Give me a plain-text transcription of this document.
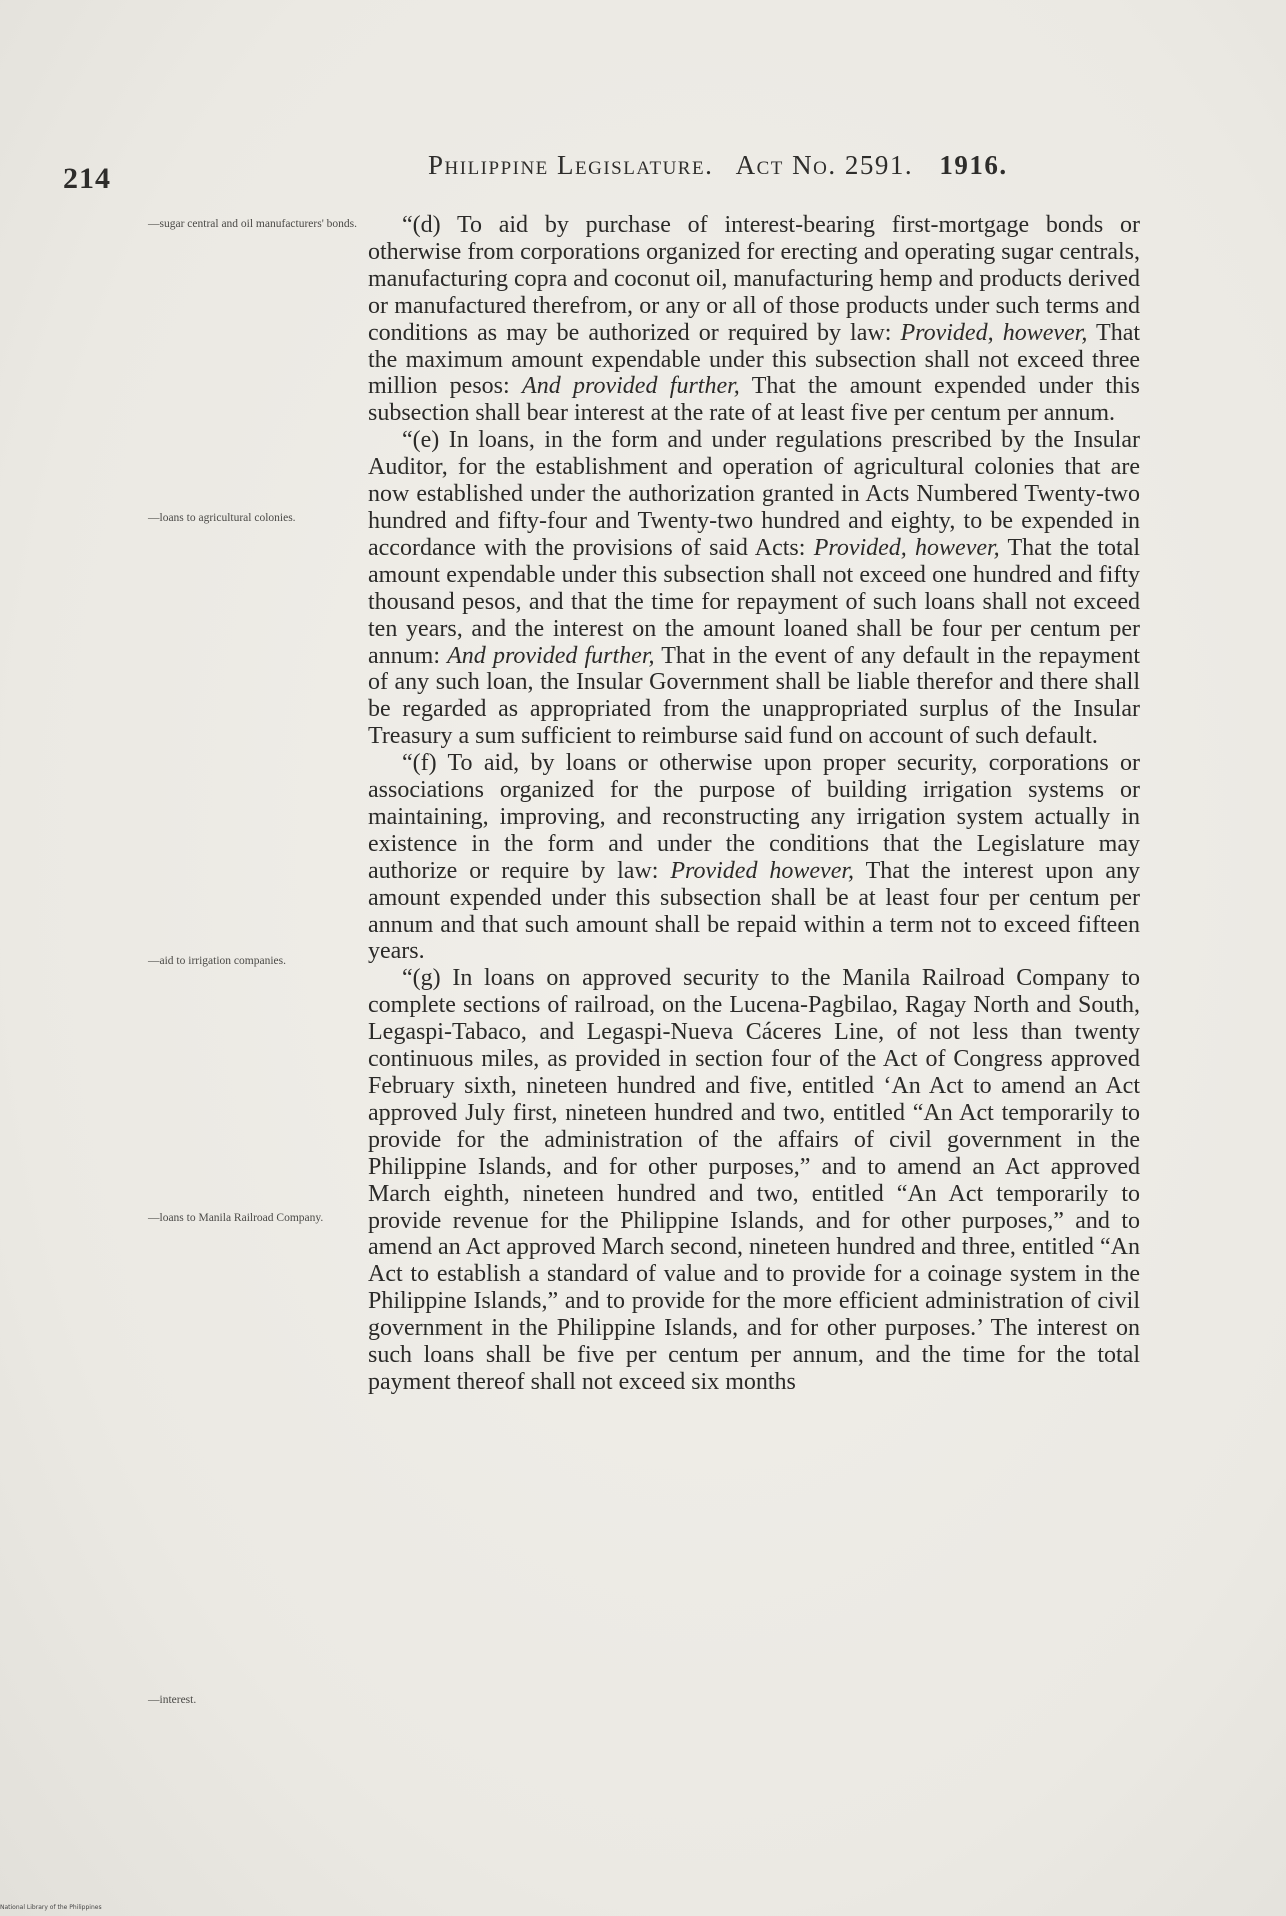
214	Philippine Legislature. Act No. 2591. 1916.
—sugar central and oil manufacturers' bonds.
—loans to agricultural colonies.
—aid to irrigation companies.
—loans to Manila Railroad Company.
—interest.

“(d) To aid by purchase of interest-bearing first-mortgage bonds or otherwise from corporations organized for erecting and operating sugar centrals, manufacturing copra and coconut oil, manufacturing hemp and products derived or manufactured therefrom, or any or all of those products under such terms and conditions as may be authorized or required by law: Provided, however, That the maximum amount expendable under this subsection shall not exceed three million pesos: And provided further, That the amount expended under this subsection shall bear interest at the rate of at least five per centum per annum.

“(e) In loans, in the form and under regulations prescribed by the Insular Auditor, for the establishment and operation of agricultural colonies that are now established under the authorization granted in Acts Numbered Twenty-two hundred and fifty-four and Twenty-two hundred and eighty, to be expended in accordance with the provisions of said Acts: Provided, however, That the total amount expendable under this subsection shall not exceed one hundred and fifty thousand pesos, and that the time for repayment of such loans shall not exceed ten years, and the interest on the amount loaned shall be four per centum per annum: And provided further, That in the event of any default in the repayment of any such loan, the Insular Government shall be liable therefor and there shall be regarded as appropriated from the unappropriated surplus of the Insular Treasury a sum sufficient to reimburse said fund on account of such default.

“(f) To aid, by loans or otherwise upon proper security, corporations or associations organized for the purpose of building irrigation systems or maintaining, improving, and reconstructing any irrigation system actually in existence in the form and under the conditions that the Legislature may authorize or require by law: Provided however, That the interest upon any amount expended under this subsection shall be at least four per centum per annum and that such amount shall be repaid within a term not to exceed fifteen years.

“(g) In loans on approved security to the Manila Railroad Company to complete sections of railroad, on the Lucena-Pagbilao, Ragay North and South, Legaspi-Tabaco, and Legaspi-Nueva Cáceres Line, of not less than twenty continuous miles, as provided in section four of the Act of Congress approved February sixth, nineteen hundred and five, entitled ‘An Act to amend an Act approved July first, nineteen hundred and two, entitled “An Act temporarily to provide for the administration of the affairs of civil government in the Philippine Islands, and for other purposes,” and to amend an Act approved March eighth, nineteen hundred and two, entitled “An Act temporarily to provide revenue for the Philippine Islands, and for other purposes,” and to amend an Act approved March second, nineteen hundred and three, entitled “An Act to establish a standard of value and to provide for a coinage system in the Philippine Islands,” and to provide for the more efficient administration of civil government in the Philippine Islands, and for other purposes.’ The interest on such loans shall be five per centum per annum, and the time for the total payment thereof shall not exceed six months

National Library of the Philippines
